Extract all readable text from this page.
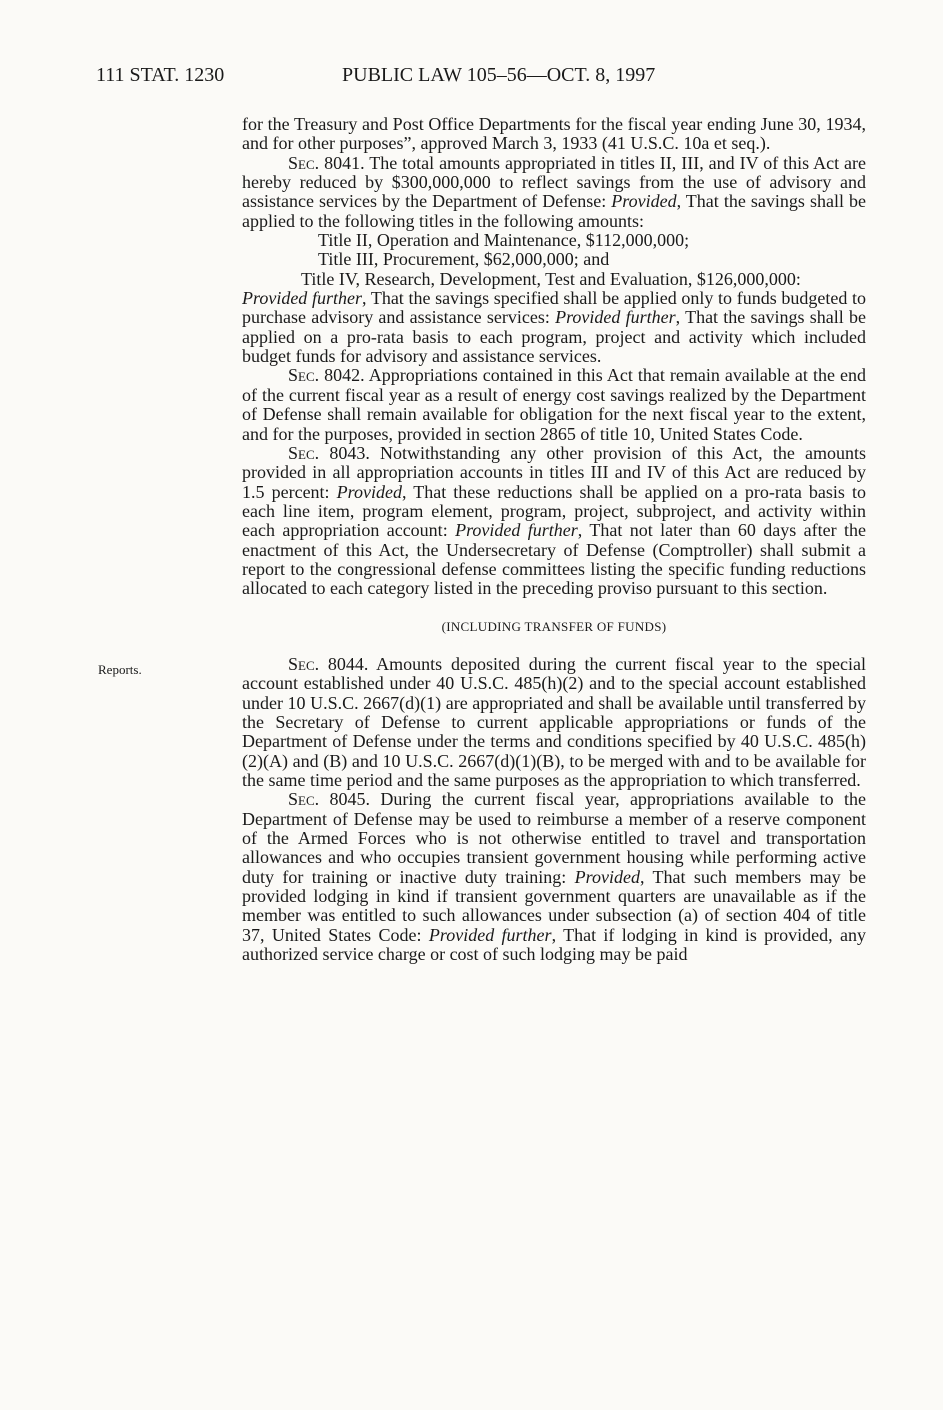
111 STAT. 1230	PUBLIC LAW 105–56—OCT. 8, 1997
Reports.

for the Treasury and Post Office Departments for the fiscal year ending June 30, 1934, and for other purposes”, approved March 3, 1933 (41 U.S.C. 10a et seq.).

Sec. 8041. The total amounts appropriated in titles II, III, and IV of this Act are hereby reduced by $300,000,000 to reflect savings from the use of advisory and assistance services by the Department of Defense: Provided, That the savings shall be applied to the following titles in the following amounts:

Title II, Operation and Maintenance, $112,000,000;

Title III, Procurement, $62,000,000; and

Title IV, Research, Development, Test and Evaluation, $126,000,000:

Provided further, That the savings specified shall be applied only to funds budgeted to purchase advisory and assistance services: Provided further, That the savings shall be applied on a pro-rata basis to each program, project and activity which included budget funds for advisory and assistance services.

Sec. 8042. Appropriations contained in this Act that remain available at the end of the current fiscal year as a result of energy cost savings realized by the Department of Defense shall remain available for obligation for the next fiscal year to the extent, and for the purposes, provided in section 2865 of title 10, United States Code.

Sec. 8043. Notwithstanding any other provision of this Act, the amounts provided in all appropriation accounts in titles III and IV of this Act are reduced by 1.5 percent: Provided, That these reductions shall be applied on a pro-rata basis to each line item, program element, program, project, subproject, and activity within each appropriation account: Provided further, That not later than 60 days after the enactment of this Act, the Undersecretary of Defense (Comptroller) shall submit a report to the congressional defense committees listing the specific funding reductions allocated to each category listed in the preceding proviso pursuant to this section.

(INCLUDING TRANSFER OF FUNDS)

Sec. 8044. Amounts deposited during the current fiscal year to the special account established under 40 U.S.C. 485(h)(2) and to the special account established under 10 U.S.C. 2667(d)(1) are appropriated and shall be available until transferred by the Secretary of Defense to current applicable appropriations or funds of the Department of Defense under the terms and conditions specified by 40 U.S.C. 485(h)(2)(A) and (B) and 10 U.S.C. 2667(d)(1)(B), to be merged with and to be available for the same time period and the same purposes as the appropriation to which transferred.

Sec. 8045. During the current fiscal year, appropriations available to the Department of Defense may be used to reimburse a member of a reserve component of the Armed Forces who is not otherwise entitled to travel and transportation allowances and who occupies transient government housing while performing active duty for training or inactive duty training: Provided, That such members may be provided lodging in kind if transient government quarters are unavailable as if the member was entitled to such allowances under subsection (a) of section 404 of title 37, United States Code: Provided further, That if lodging in kind is provided, any authorized service charge or cost of such lodging may be paid
